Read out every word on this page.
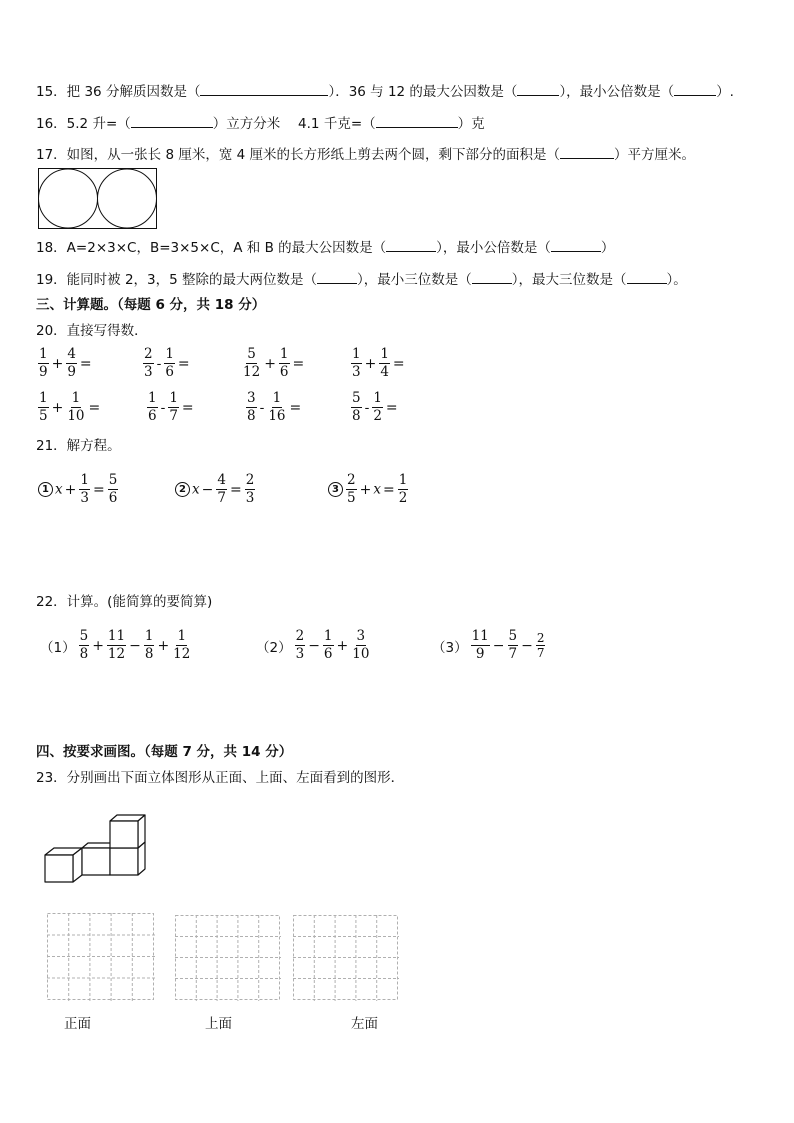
15．把 36 分解质因数是（	）．36 与 12 的最大公因数是（	），最小公倍数是（	）.
16．5.2 升=（	）立方分米　 4.1 千克=（	）克
17．如图，从一张长 8 厘米，宽 4 厘米的长方形纸上剪去两个圆，剩下部分的面积是（	）平方厘米。
18．A=2×3×C，B=3×5×C，A 和 B 的最大公因数是（	），最小公倍数是（	）
19．能同时被 2，3，5 整除的最大两位数是（	），最小三位数是（	），最大三位数是（	）。
三、计算题。（每题 6 分，共 18 分）
20．直接写得数．
$\frac{1}{9} + \frac{4}{9}$ =	$\frac{2}{3} - \frac{1}{6}$ =	$\frac{5}{12} + \frac{1}{6}$ =	$\frac{1}{3} + \frac{1}{4}$ =
$\frac{1}{5} + \frac{1}{10}$ =	$\frac{1}{6} - \frac{1}{7}$ =	$\frac{3}{8} - \frac{1}{16}$ =	$\frac{5}{8} - \frac{1}{2}$ =
21．解方程。
1 $x + \frac{1}{3} = \frac{5}{6}$	2 $x - \frac{4}{7} = \frac{2}{3}$	$3 \frac{2}{5} + x = \frac{1}{2}$
22．计算。(能简算的要简算)
$(1) \frac{5}{8} + \frac{11}{12} - \frac{1}{8} + \frac{1}{12}$	$(2) \frac{2}{3} - \frac{1}{6} + \frac{3}{10}$	$(3) \frac{11}{9} - \frac{5}{7} - \frac{2}{7}$
四、按要求画图。（每题 7 分，共 14 分）
23．分别画出下面立体图形从正面、上面、左面看到的图形．
正面	上面	左面
